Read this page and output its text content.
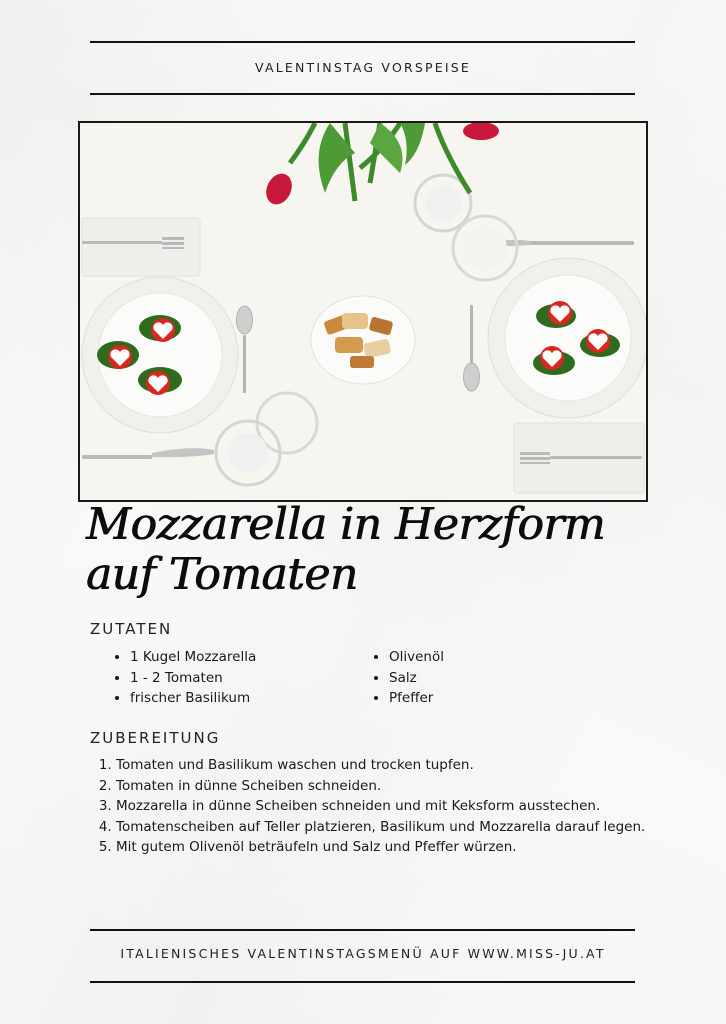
VALENTINSTAG VORSPEISE
Mozzarella in Herzform
auf Tomaten
ZUTATEN
• 1 Kugel Mozzarella
• 1 - 2 Tomaten
• frischer Basilikum
• Olivenöl
• Salz
• Pfeffer
ZUBEREITUNG
1. Tomaten und Basilikum waschen und trocken tupfen.
2. Tomaten in dünne Scheiben schneiden.
3. Mozzarella in dünne Scheiben schneiden und mit Keksform ausstechen.
4. Tomatenscheiben auf Teller platzieren, Basilikum und Mozzarella darauf legen.
5. Mit gutem Olivenöl beträufeln und Salz und Pfeffer würzen.
ITALIENISCHES VALENTINSTAGSMENÜ AUF WWW.MISS-JU.AT
